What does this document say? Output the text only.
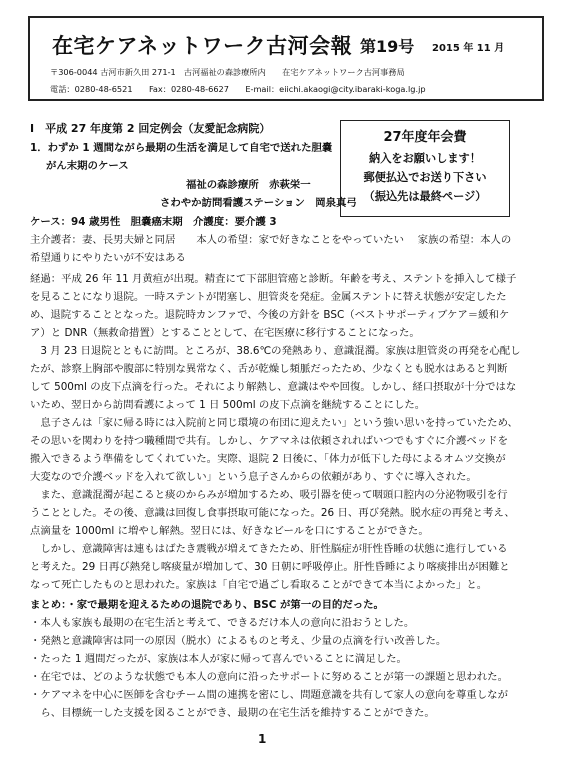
在宅ケアネットワーク古河会報 第19号 2015 年 11 月
〒306-0044 古河市新久田 271-1　古河福祉の森診療所内　　在宅ケアネットワーク古河事務局
電話：0280-48-6521　　Fax：0280-48-6627　　E-mail：eiichi.akaogi@city.ibaraki-koga.lg.jp
27年度年会費
納入をお願いします！
郵便払込でお送り下さい
（振込先は最終ページ）
Ⅰ　平成 27 年度第 2 回定例会（友愛記念病院）
1．わずか 1 週間ながら最期の生活を満足して自宅で送れた胆嚢
がん末期のケース
福祉の森診療所　赤萩栄一
さわやか訪問看護ステーション　岡泉真弓
ケース：94 歳男性　胆嚢癌末期　介護度：要介護 3
主介護者：妻、長男夫婦と同居　　本人の希望：家で好きなことをやっていたい　 家族の希望：本人の
希望通りにやりたいが不安はある
経過：平成 26 年 11 月黄疸が出現。精査にて下部胆管癌と診断。年齢を考え、ステントを挿入して様子
を見ることになり退院。一時ステントが閉塞し、胆管炎を発症。金属ステントに替え状態が安定したた
め、退院することとなった。退院時カンファで、今後の方針を BSC（ベストサポーティブケア＝緩和ケ
ア）と DNR（無救命措置）とすることとして、在宅医療に移行することになった。
　3 月 23 日退院とともに訪問。ところが、38.6℃の発熱あり、意識混濁。家族は胆管炎の再発を心配し
たが、診察上胸部や腹部に特別な異常なく、舌が乾燥し頻脈だったため、少なくとも脱水はあると判断
して 500ml の皮下点滴を行った。それにより解熱し、意識はやや回復。しかし、経口摂取が十分ではな
いため、翌日から訪問看護によって 1 日 500ml の皮下点滴を継続することにした。
　息子さんは「家に帰る時には入院前と同じ環境の布団に迎えたい」という強い思いを持っていたため、
その思いを関わりを持つ職種間で共有。しかし、ケアマネは依頼されればいつでもすぐに介護ベッドを
搬入できるよう準備をしてくれていた。実際、退院 2 日後に、「体力が低下した母によるオムツ交換が
大変なので介護ベッドを入れて欲しい」という息子さんからの依頼があり、すぐに導入された。
　また、意識混濁が起こると痰のからみが増加するため、吸引器を使って咽頭口腔内の分泌物吸引を行
うこととした。その後、意識は回復し食事摂取可能になった。26 日、再び発熱。脱水症の再発と考え、
点滴量を 1000ml に増やし解熱。翌日には、好きなビールを口にすることができた。
　しかし、意識障害は連もはばたき震戦が増えてきたため、肝性脳症が肝性昏睡の状態に進行している
と考えた。29 日再び熱発し喀痰量が増加して、30 日朝に呼吸停止。肝性昏睡により喀痰排出が困難と
なって死亡したものと思われた。家族は「自宅で過ごし看取ることができて本当によかった」と。
まとめ：・家で最期を迎えるための退院であり、BSC が第一の目的だった。
・本人も家族も最期の在宅生活と考えて、できるだけ本人の意向に沿おうとした。
・発熱と意識障害は同一の原因（脱水）によるものと考え、少量の点滴を行い改善した。
・たった 1 週間だったが、家族は本人が家に帰って喜んでいることに満足した。
・在宅では、どのような状態でも本人の意向に沿ったサポートに努めることが第一の課題と思われた。
・ケアマネを中心に医師を含むチーム間の連携を密にし、問題意識を共有して家人の意向を尊重しなが
　ら、目標統一した支援を図ることができ、最期の在宅生活を維持することができた。
1
